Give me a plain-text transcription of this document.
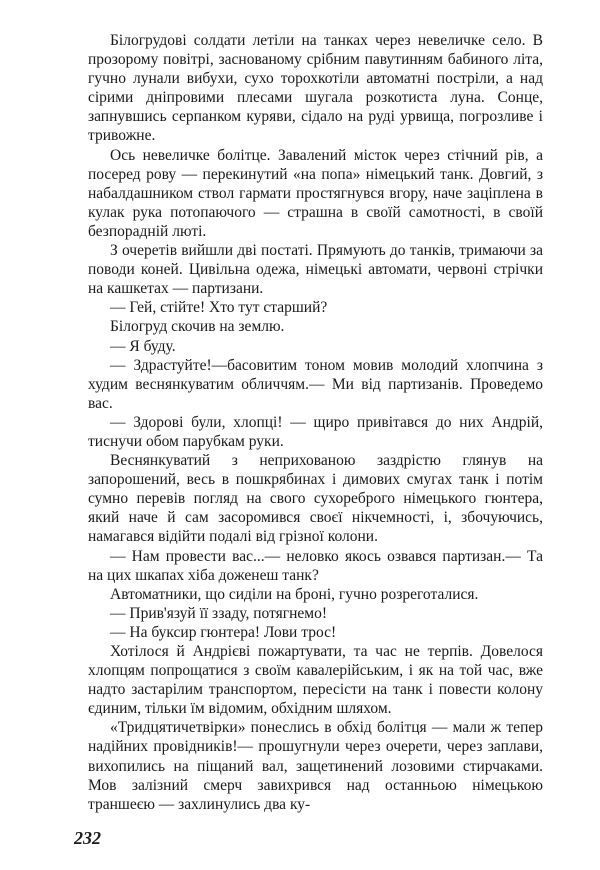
Білогрудові солдати летіли на танках через невеличке село. В прозорому повітрі, заснованому срібним павутинням бабиного літа, гучно лунали вибухи, сухо торохкотіли автоматні постріли, а над сірими дніпровими плесами шугала розкотиста луна. Сонце, запнувшись серпанком куряви, сідало на руді урвища, погрозливе і тривожне.

Ось невеличке болітце. Завалений місток через стічний рів, а посеред рову — перекинутий «на попа» німецький танк. Довгий, з набалдашником ствол гармати простягнувся вгору, наче заціплена в кулак рука потопаючого — страшна в своїй самотності, в своїй безпорадній люті.

З очеретів вийшли дві постаті. Прямують до танків, тримаючи за поводи коней. Цивільна одежа, німецькі автомати, червоні стрічки на кашкетах — партизани.

— Гей, стійте! Хто тут старший?

Білогруд скочив на землю.

— Я буду.

— Здрастуйте!—басовитим тоном мовив молодий хлопчина з худим веснянкуватим обличчям.— Ми від партизанів. Проведемо вас.

— Здорові були, хлопці! — щиро привітався до них Андрій, тиснучи обом парубкам руки.

Веснянкуватий з неприхованою заздрістю глянув на запорошений, весь в пошкрябинах і димових смугах танк і потім сумно перевів погляд на свого сухореброго німецького гюнтера, який наче й сам засоромився своєї нікчемності, і, збочуючись, намагався відійти подалі від грізної колони.

— Нам провести вас...— неловко якось озвався партизан.— Та на цих шкапах хіба доженеш танк?

Автоматники, що сиділи на броні, гучно розреготалися.

— Прив'язуй її ззаду, потягнемо!

— На буксир гюнтера! Лови трос!

Хотілося й Андрієві пожартувати, та час не терпів. Довелося хлопцям попрощатися з своїм кавалерійським, і як на той час, вже надто застарілим транспортом, пересісти на танк і повести колону єдиним, тільки їм відомим, обхідним шляхом.

«Тридцятичетвірки» понеслись в обхід болітця — мали ж тепер надійних провідників!— прошугнули через очерети, через заплави, вихопились на піщаний вал, защетинений лозовими стирчаками. Мов залізний смерч завихрився над останньою німецькою траншеєю — захлинулись два ку-

232
